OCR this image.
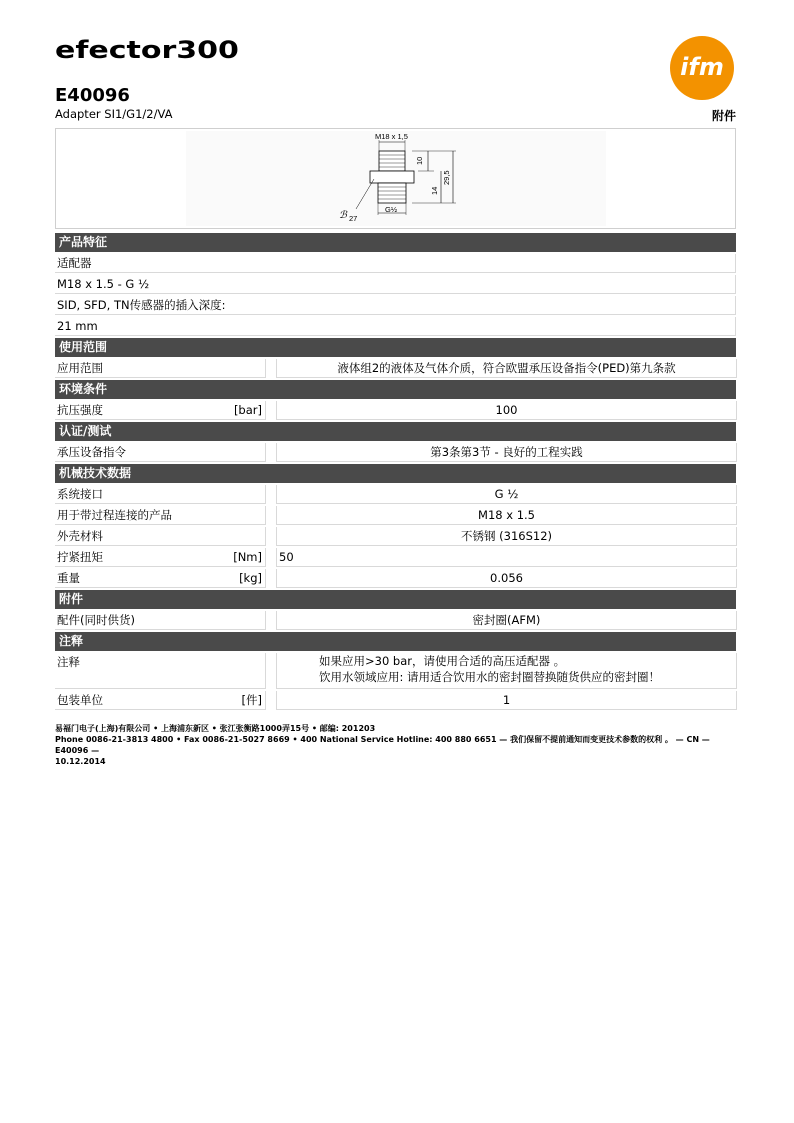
efector300
ifm
E40096
Adapter SI1/G1/2/VA	附件
M18 x 1,5
10
14
29,5
G½
ℬ 27
产品特征
适配器
M18 x 1.5 - G ½
SID, SFD, TN传感器的插入深度:
21 mm
使用范围
应用范围	液体组2的液体及气体介质，符合欧盟承压设备指令(PED)第九条款
环境条件
抗压强度	[bar]	100
认证/测试
承压设备指令	第3条第3节 - 良好的工程实践
机械技术数据
系统接口	G ½
用于带过程连接的产品	M18 x 1.5
外壳材料	不锈钢 (316S12)
拧紧扭矩	[Nm] 50
重量	[kg]	0.056
附件
配件(同时供货)	密封圈(AFM)
注释
注释	如果应用>30 bar，请使用合适的高压适配器 。
饮用水领域应用: 请用适合饮用水的密封圈替换随货供应的密封圈！
包装单位	[件]	1
易福门电子(上海)有限公司 • 上海浦东新区 • 张江张衡路1000弄15号 • 邮编: 201203
Phone 0086-21-3813 4800 • Fax 0086-21-5027 8669 • 400 National Service Hotline: 400 880 6651 — 我们保留不提前通知而变更技术参数的权利 。 — CN — E40096 —
10.12.2014
